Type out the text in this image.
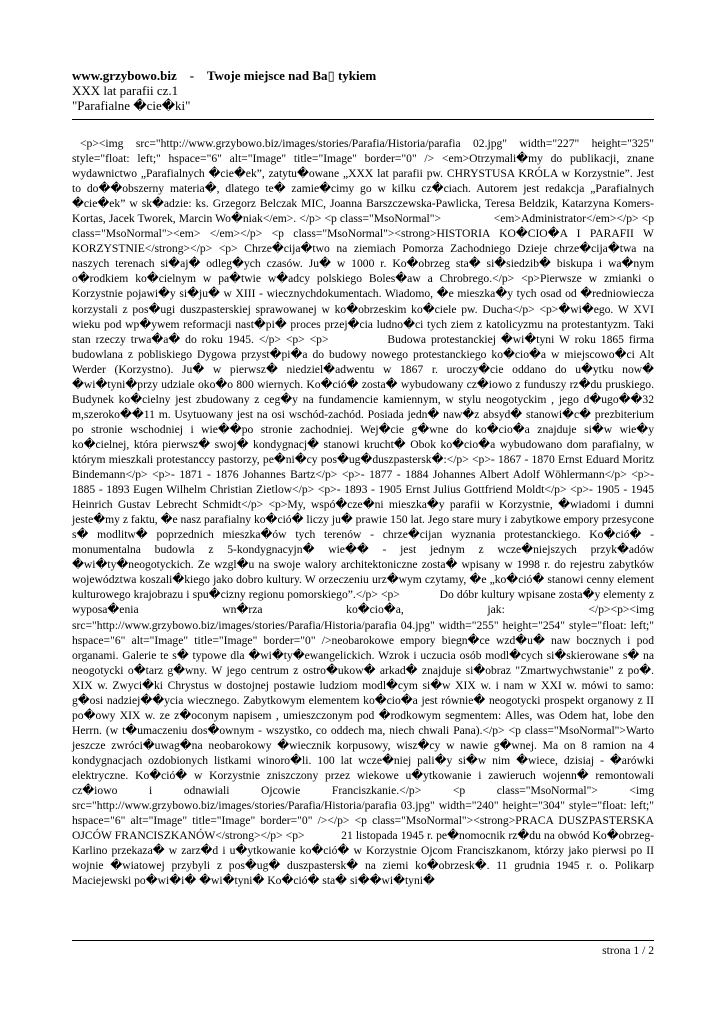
www.grzybowo.biz - Twoje miejsce nad Ba▯ tykiem
XXX lat parafii cz.1
"Parafialne �cie�ki"

<p><img src="http://www.grzybowo.biz/images/stories/Parafia/Historia/parafia 02.jpg" width="227" height="325" style="float: left;" hspace="6" alt="Image" title="Image" border="0" /> <em>Otrzymali�my do publikacji, znane wydawnictwo „Parafialnych �cie�ek”, zatytu�owane „XXX lat parafii pw. CHRYSTUSA KRÓLA w Korzystnie”. Jest to do��obszerny materia�, dlatego te� zamie�cimy go w kilku cz�ciach. Autorem jest redakcja „Parafialnych �cie�ek” w sk�adzie: ks. Grzegorz Belczak MIC, Joanna Barszczewska-Pawlicka, Teresa Beldzik, Katarzyna Komers-Kortas, Jacek Tworek, Marcin Wo�niak</em>. </p> <p class="MsoNormal">                 <em>Administrator</em></p> <p class="MsoNormal"><em> </em></p> <p class="MsoNormal"><strong>HISTORIA KO�CIO�A I PARAFII W KORZYSTNIE</strong></p> <p> Chrze�cija�two na ziemiach Pomorza Zachodniego Dzieje chrze�cija�twa na naszych terenach si�aj� odleg�ych czasów. Ju� w 1000 r. Ko�obrzeg sta� si�siedzib� biskupa i wa�nym o�rodkiem ko�cielnym w pa�twie w�adcy polskiego Boles�aw a Chrobrego.</p> <p>Pierwsze w zmianki o Korzystnie pojawi�y si�ju� w XIII - wiecznychdokumentach. Wiadomo, �e mieszka�y tych osad od �redniowiecza korzystali z pos�ugi duszpasterskiej sprawowanej w ko�obrzeskim ko�ciele pw. Ducha</p> <p>�wi�ego. W XVI wieku pod wp�ywem reformacji nast�pi� proces przej�cia ludno�ci tych ziem z katolicyzmu na protestantyzm. Taki stan rzeczy trwa�a� do roku 1945. </p> <p> <p>            Budowa protestanckiej �wi�tyni W roku 1865 firma budowlana z pobliskiego Dygowa przyst�pi�a do budowy nowego protestanckiego ko�cio�a w miejscowo�ci Alt Werder (Korzystno). Ju� w pierwsz� niedziel�adwentu w 1867 r. uroczy�cie oddano do u�ytku now� �wi�tyni�przy udziale oko�o 800 wiernych. Ko�ció� zosta� wybudowany cz�iowo z funduszy rz�du pruskiego. Budynek ko�cielny jest zbudowany z ceg�y na fundamencie kamiennym, w stylu neogotyckim , jego d�ugo��32 m,szeroko��11 m. Usytuowany jest na osi wschód-zachód. Posiada jedn� naw�z absyd� stanowi�c� prezbiterium po stronie wschodniej i wie��po stronie zachodniej. Wej�cie g�wne do ko�cio�a znajduje si�w wie�y ko�cielnej, która pierwsz� swoj� kondygnacj� stanowi krucht� Obok ko�cio�a wybudowano dom parafialny, w którym mieszkali protestanccy pastorzy, pe�ni�cy pos�ug�duszpastersk�:</p> <p>- 1867 - 1870 Ernst Eduard Moritz Bindemann</p> <p>- 1871 - 1876 Johannes Bartz</p> <p>- 1877 - 1884 Johannes Albert Adolf Wöhlermann</p> <p>- 1885 - 1893 Eugen Wilhelm Christian Zietlow</p> <p>- 1893 - 1905 Ernst Julius Gottfriend Moldt</p> <p>- 1905 - 1945 Heinrich Gustav Lebrecht Schmidt</p> <p>My, wspó�cze�ni mieszka�y parafii w Korzystnie, �wiadomi i dumni jeste�my z faktu, �e nasz parafialny ko�ció� liczy ju� prawie 150 lat. Jego stare mury i zabytkowe empory przesycone s� modlitw� poprzednich mieszka�ów tych terenów - chrze�cijan wyznania protestanckiego. Ko�ció� - monumentalna budowla z 5-kondygnacyjn� wie�� - jest jednym z wcze�niejszych przyk�adów �wi�ty�neogotyckich. Ze wzgl�u na swoje walory architektoniczne zosta� wpisany w 1998 r. do rejestru zabytków województwa koszali�kiego jako dobro kultury. W orzeczeniu urz�wym czytamy, �e „ko�ció� stanowi cenny element kulturowego krajobrazu i spu�cizny regionu pomorskiego”.</p> <p>             Do dóbr kultury wpisane zosta�y elementy z wyposa�enia wn�rza ko�cio�a, jak: </p><p><img src="http://www.grzybowo.biz/images/stories/Parafia/Historia/parafia 04.jpg" width="255" height="254" style="float: left;" hspace="6" alt="Image" title="Image" border="0" />neobarokowe empory biegn�ce wzd�u� naw bocznych i pod organami. Galerie te s� typowe dla �wi�ty�ewangelickich. Wzrok i uczucia osób modl�cych si�skierowane s� na neogotycki o�tarz g�wny. W jego centrum z ostro�ukow� arkad� znajduje si�obraz "Zmartwychwstanie" z po�. XIX w. Zwyci�ki Chrystus w dostojnej postawie ludziom modl�cym si�w XIX w. i nam w XXI w. mówi to samo: g�osi nadziej��ycia wiecznego. Zabytkowym elementem ko�cio�a jest równie� neogotycki prospekt organowy z II po�owy XIX w. ze z�oconym napisem , umieszczonym pod �rodkowym segmentem: Alles, was Odem hat, lobe den Herrn. (w t�umaczeniu dos�ownym - wszystko, co oddech ma, niech chwali Pana).</p> <p class="MsoNormal">Warto jeszcze zwróci�uwag�na neobarokowy �wiecznik korpusowy, wisz�cy w nawie g�wnej. Ma on 8 ramion na 4 kondygnacjach ozdobionych listkami winoro�li. 100 lat wcze�niej pali�y si�w nim �wiece, dzisiaj - �arówki elektryczne. Ko�ció� w Korzystnie zniszczony przez wiekowe u�ytkowanie i zawieruch wojenn� remontowali cz�iowo i odnawiali Ojcowie Franciszkanie.</p> <p class="MsoNormal"> <img src="http://www.grzybowo.biz/images/stories/Parafia/Historia/parafia 03.jpg" width="240" height="304" style="float: left;" hspace="6" alt="Image" title="Image" border="0" /></p> <p class="MsoNormal"><strong>PRACA DUSZPASTERSKA OJCÓW FRANCISZKANÓW</strong></p> <p>            21 listopada 1945 r. pe�nomocnik rz�du na obwód Ko�obrzeg-Karlino przekaza� w zarz�d i u�ytkowanie ko�ció� w Korzystnie Ojcom Franciszkanom, którzy jako pierwsi po II wojnie �wiatowej przybyli z pos�ug� duszpastersk� na ziemi ko�obrzesk�. 11 grudnia 1945 r. o. Polikarp Maciejewski po�wi�i� �wi�tyni� Ko�ció� sta� si��wi�tyni�

strona 1 / 2
